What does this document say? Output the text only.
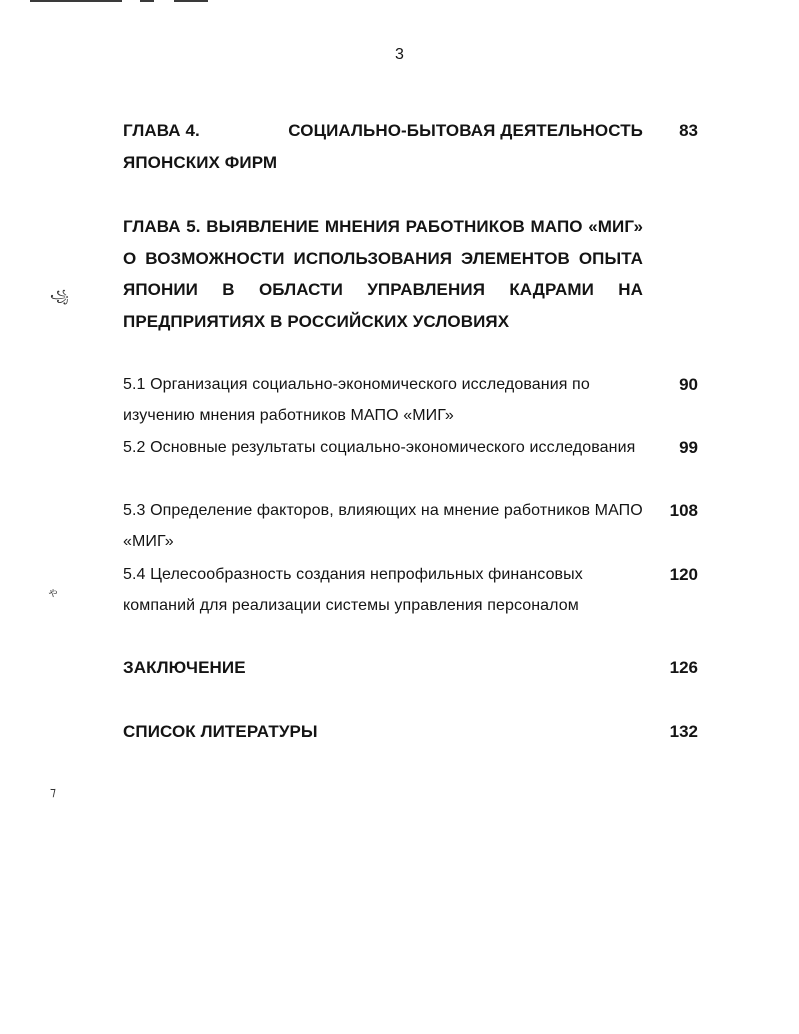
3
ГЛАВА 4.	СОЦИАЛЬНО-БЫТОВАЯ ДЕЯТЕЛЬНОСТЬ
ЯПОНСКИХ ФИРМ
83
ГЛАВА 5. ВЫЯВЛЕНИЕ МНЕНИЯ РАБОТНИКОВ МАПО «МИГ» О ВОЗМОЖНОСТИ ИСПОЛЬЗОВАНИЯ ЭЛЕМЕНТОВ ОПЫТА ЯПОНИИ В ОБЛАСТИ УПРАВЛЕНИЯ КАДРАМИ НА ПРЕДПРИЯТИЯХ В РОССИЙСКИХ УСЛОВИЯХ
5.1 Организация социально-экономического исследования по изучению мнения работников МАПО «МИГ»
90
5.2 Основные результаты социально-экономического исследования	99
5.3 Определение факторов, влияющих на мнение работников МАПО «МИГ»
108
5.4 Целесообразность создания непрофильных финансовых компаний для реализации системы управления персоналом
120
ЗАКЛЮЧЕНИЕ	126
СПИСОК ЛИТЕРАТУРЫ	132
꧁
ゃ
⁊
